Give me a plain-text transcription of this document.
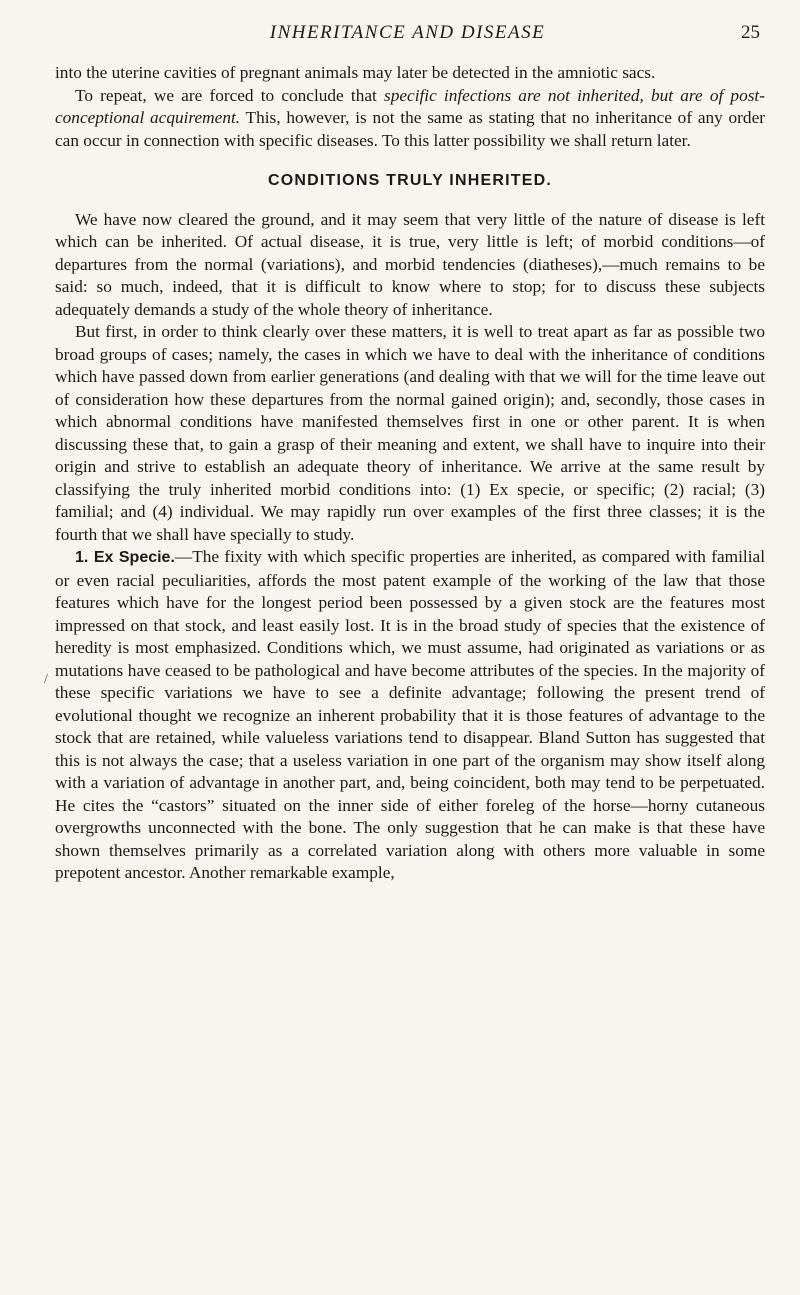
INHERITANCE AND DISEASE	25
/

into the uterine cavities of pregnant animals may later be detected in the amniotic sacs.

To repeat, we are forced to conclude that specific infections are not inherited, but are of post-conceptional acquirement. This, however, is not the same as stating that no inheritance of any order can occur in connection with specific diseases. To this latter possibility we shall return later.

CONDITIONS TRULY INHERITED.

We have now cleared the ground, and it may seem that very little of the nature of disease is left which can be inherited. Of actual disease, it is true, very little is left; of morbid conditions—of departures from the normal (variations), and morbid tendencies (diatheses),—much remains to be said: so much, indeed, that it is difficult to know where to stop; for to discuss these subjects adequately demands a study of the whole theory of inheritance.

But first, in order to think clearly over these matters, it is well to treat apart as far as possible two broad groups of cases; namely, the cases in which we have to deal with the inheritance of conditions which have passed down from earlier generations (and dealing with that we will for the time leave out of consideration how these departures from the normal gained origin); and, secondly, those cases in which abnormal conditions have manifested themselves first in one or other parent. It is when discussing these that, to gain a grasp of their meaning and extent, we shall have to inquire into their origin and strive to establish an adequate theory of inheritance. We arrive at the same result by classifying the truly inherited morbid conditions into: (1) Ex specie, or specific; (2) racial; (3) familial; and (4) individual. We may rapidly run over examples of the first three classes; it is the fourth that we shall have specially to study.

1. Ex Specie.—The fixity with which specific properties are inherited, as compared with familial or even racial peculiarities, affords the most patent example of the working of the law that those features which have for the longest period been possessed by a given stock are the features most impressed on that stock, and least easily lost. It is in the broad study of species that the existence of heredity is most emphasized. Conditions which, we must assume, had originated as variations or as mutations have ceased to be pathological and have become attributes of the species. In the majority of these specific variations we have to see a definite advantage; following the present trend of evolutional thought we recognize an inherent probability that it is those features of advantage to the stock that are retained, while valueless variations tend to disappear. Bland Sutton has suggested that this is not always the case; that a useless variation in one part of the organism may show itself along with a variation of advantage in another part, and, being coincident, both may tend to be perpetuated. He cites the “castors” situated on the inner side of either foreleg of the horse—horny cutaneous overgrowths unconnected with the bone. The only suggestion that he can make is that these have shown themselves primarily as a correlated variation along with others more valuable in some prepotent ancestor. Another remarkable example,
